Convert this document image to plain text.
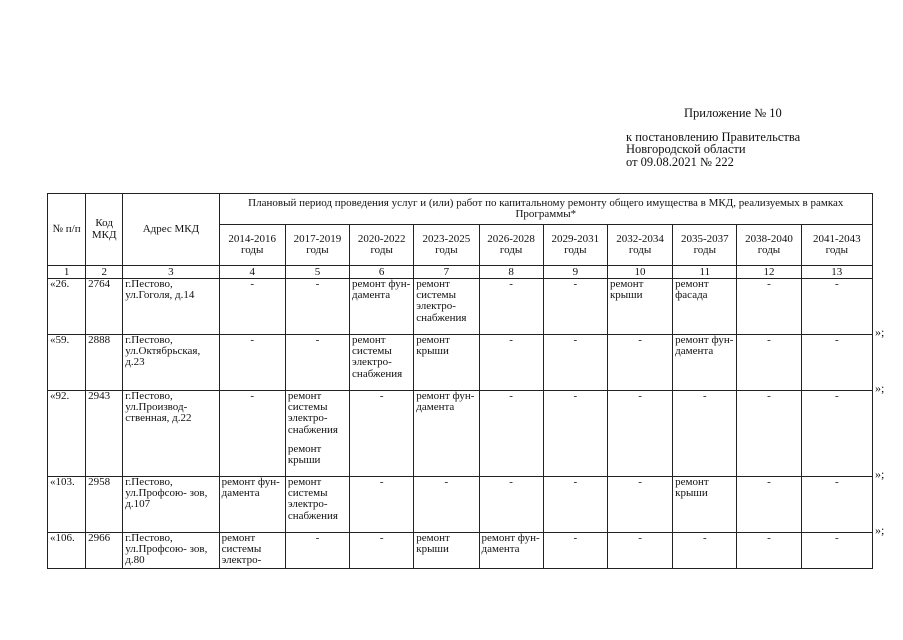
Приложение № 10
к постановлению Правительства
Новгородской области
от 09.08.2021 № 222
№ п/п	Код МКД	Адрес МКД	Плановый период проведения услуг и (или) работ по капитальному ремонту общего имущества в МКД, реализуемых в рамках Программы*									
			2014-2016 годы	2017-2019 годы	2020-2022 годы	2023-2025 годы	2026-2028 годы	2029-2031 годы	2032-2034 годы	2035-2037 годы	2038-2040 годы	2041-2043 годы
1	2	3	4	5	6	7	8	9	10	11	12	13
«26.	2764	г.Пестово, ул.Гоголя, д.14	-	-	ремонт фун- дамента	ремонт системы электро- снабжения	-	-	ремонт крыши	ремонт фасада	-	-
«59.	2888	г.Пестово, ул.Октябрьская, д.23	-	-	ремонт системы электро- снабжения	ремонт крыши	-	-	-	ремонт фун- дамента	-	-
«92.	2943	г.Пестово, ул.Производ- ственная, д.22	-	ремонт системы электро- снабжения
ремонт крыши	-	ремонт фун- дамента	-	-	-	-	-	-
«103.	2958	г.Пестово, ул.Профсою- зов, д.107	ремонт фун- дамента	ремонт системы электро- снабжения	-	-	-	-	-	ремонт крыши	-	-
«106.	2966	г.Пестово, ул.Профсою- зов, д.80	ремонт системы электро-	-	-	ремонт крыши	ремонт фун- дамента	-	-	-	-	-
»;
»;
»;
»;
